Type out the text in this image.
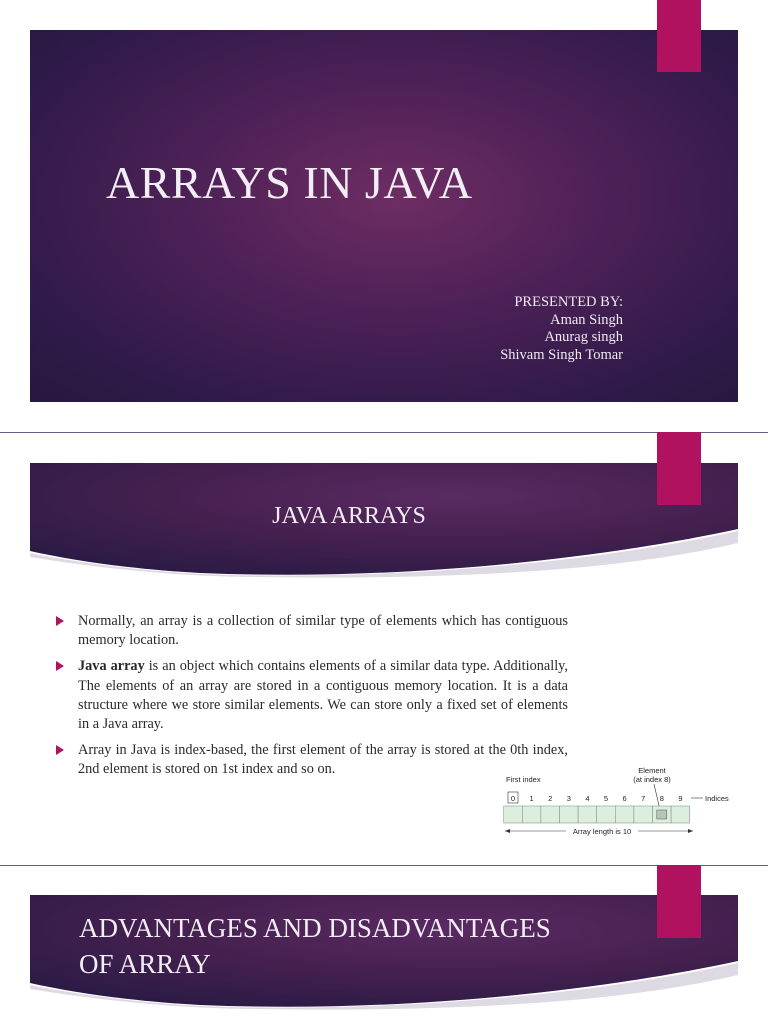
ARRAYS IN JAVA
PRESENTED BY:
Aman Singh
Anurag singh
Shivam Singh Tomar
JAVA ARRAYS
Normally, an array is a collection of similar type of elements which has contiguous memory location.
Java array is an object which contains elements of a similar data type. Additionally, The elements of an array are stored in a contiguous memory location. It is a data structure where we store similar elements. We can store only a fixed set of elements in a Java array.
Array in Java is index-based, the first element of the array is stored at the 0th index, 2nd element is stored on 1st index and so on.
First index
Element
(at index 8)
0 1 2 3 4 5 6 7 8 9	Indices
Array length is 10
ADVANTAGES AND DISADVANTAGES
OF ARRAY
